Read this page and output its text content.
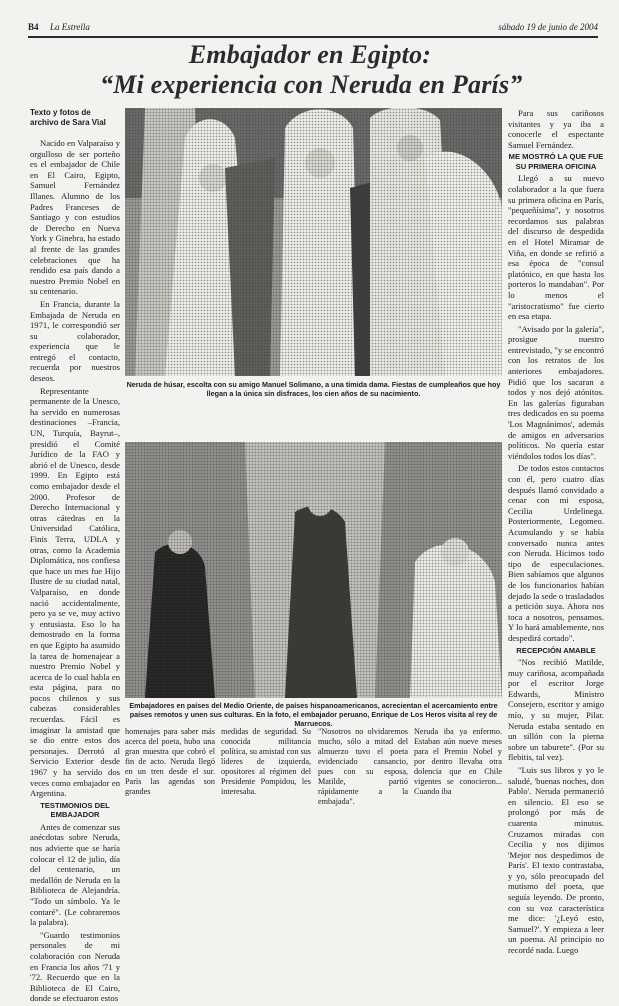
B4 La Estrella	sábado 19 de junio de 2004
Embajador en Egipto:
“Mi experiencia con Neruda en París”
Texto y fotos de
archivo de Sara Vial

Nacido en Valparaíso y orgulloso de ser porteño es el embajador de Chile en El Cairo, Egipto, Samuel Fernández Illanes. Alumno de los Padres Franceses de Santiago y con estudios de Derecho en Nueva York y Ginebra, ha estado al frente de las grandes celebraciones que ha rendido esa país dando a nuestro Premio Nobel en su centenario.

En Francia, durante la Embajada de Neruda en 1971, le correspondió ser su colaborador, experiencia que le entregó el contacto, recuerda por nuestros deseos.

Representante permanente de la Unesco, ha servido en numerosas destinaciones –Francia, UN, Turquía, Bayrut–, presidió el Comité Jurídico de la FAO y abrió el de Unesco, desde 1999. En Egipto está como embajador desde el 2000. Profesor de Derecho Internacional y otras cátedras en la Universidad Católica, Finis Terra, UDLA y otras, como la Academia Diplomática, nos confiesa que hace un mes fue Hijo Ilustre de su ciudad natal, Valparaíso, en donde nació accidentalmente, pero ya se ve, muy activo y entusiasta. Eso lo ha demostrado en la forma en que Egipto ha asumido la tarea de homenajear a nuestro Premio Nobel y acerca de lo cual habla en esta página, para no pocos chilenos y sus cabezas considerables recuerdas. Fácil es imaginar la amistad que se dio entre estos dos personajes. Derrotó al Servicio Exterior desde 1967 y ha servido dos veces como embajador en Argentina.

TESTIMONIOS DEL EMBAJADOR

Antes de comenzar sus anécdotas sobre Neruda, nos advierte que se haría colocar el 12 de julio, día del centenario, un medallón de Neruda en la Biblioteca de Alejandría. "Todo un símbolo. Ya le contaré". (Le cobraremos la palabra).

"Guardo testimonios personales de mi colaboración con Neruda en Francia los años '71 y '72. Recuerdo que en la Biblioteca de El Cairo, donde se efectuaron estos

Neruda de húsar, escolta con su amigo Manuel Solimano, a una tímida dama. Fiestas de cumpleaños que hoy llegan a la única sin disfraces, los cien años de su nacimiento.
Embajadores en países del Medio Oriente, de países hispanoamericanos, acrecientan el acercamiento entre países remotos y unen sus culturas. En la foto, el embajador peruano, Enrique de Los Heros visita al rey de Marruecos.
homenajes para saber más acerca del poeta, hubo una gran muestra que cobró el fin de acto. Neruda llegó en un tren desde el sur. París las agendas son grandes
medidas de seguridad. Su conocida militancia política, su amistad con sus líderes de izquierda, opositores al régimen del Presidente Pompidou, les interesaba.
"Nosotros no olvidaremos mucho, sólo a mitad del almuerzo tuvo el poeta evidenciado cansancio, pues con su esposa, Matilde, partió rápidamente a la embajada".
Neruda iba ya enfermo. Estaban aún nueve meses para el Premio Nobel y por dentro llevaba otra dolencia que en Chile vigentes se conocieron... Cuando iba

Para sus cariñosos visitantes y ya iba a conocerle el espectante Samuel Fernández.

ME MOSTRÓ LA QUE FUE SU PRIMERA OFICINA

Llegó a su nuevo colaborador a la que fuera su primera oficina en París, "pequeñísima", y nosotros recordamos sus palabras del discurso de despedida en el Hotel Miramar de Viña, en donde se refirió a esa época de "consul platónico, en que hasta los porteros lo mandaban". Por lo menos el "aristocratismo" fue cierto en esa etapa.

"Avisado por la galería", prosigue nuestro entrevistado, "y se encontró con los retratos de los anteriores embajadores. Pidió que los sacaran a todos y nos dejó atónitos. En las galerías figuraban tres dedicados en su poema 'Los Magnánimos', además de amigos en adversarios políticos. No quería estar viéndolos todos los días".

De todos estos contactos con él, pero cuatro días después llamó convidado a cenar con mi esposa, Cecilia Urdelinega. Posteriormente, Legomeo. Acumulando y se había conversado nunca antes con Neruda. Hicimos todo tipo de especulaciones. Bien sabíamos que algunos de los funcionarios habían dejado la sede o trasladados a petición suya. Ahora nos toca a nosotros, pensamos. Y lo hará amablemente, nos despedirá cortado".

RECEPCIÓN AMABLE

"Nos recibió Matilde, muy cariñosa, acompañada por el escritor Jorge Edwards, Ministro Consejero, escritor y amigo mío, y su mujer, Pilar. Neruda estaba sentado en un sillón con la pierna sobre un taburete". (Por su flebitis, tal vez).

"Luis sus libros y yo le saludé, 'buenas noches, don Pablo'. Neruda permaneció en silencio. El eso se prolongó por más de cuarenta minutos. Cruzamos miradas con Cecilia y nos dijimos 'Mejor nos despedimos de París'. El texto contrastaba, y yo, sólo preocupado del mutismo del poeta, que seguía leyendo. De pronto, con su voz característica me dice: '¿Leyó esto, Samuel?'. Y empieza a leer un poema. Al principio no recordé nada. Luego
